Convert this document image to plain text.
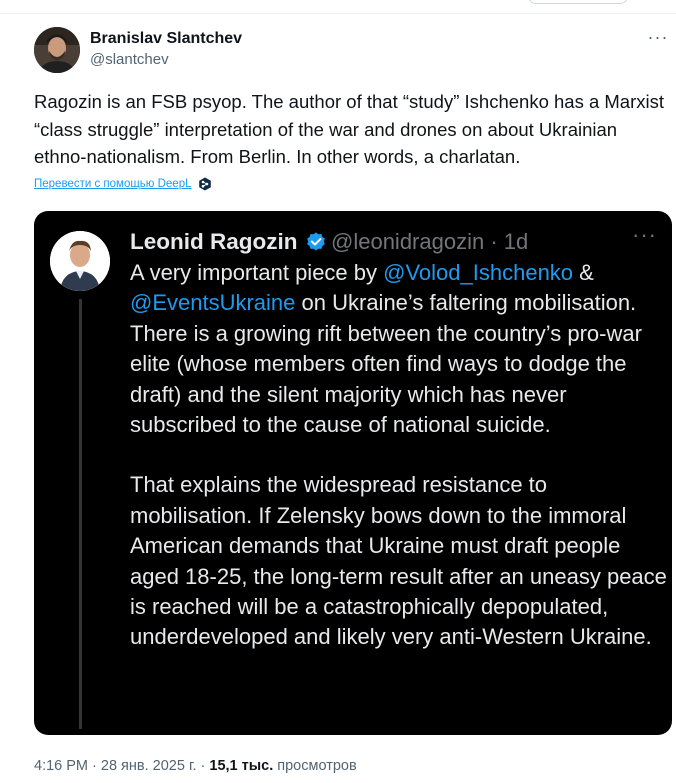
Branislav Slantchev
@slantchev
···
Ragozin is an FSB psyop. The author of that “study” Ishchenko has a Marxist “class struggle” interpretation of the war and drones on about Ukrainian ethno-nationalism. From Berlin. In other words, a charlatan.
Перевести с помощью DeepL
Leonid Ragozin @leonidragozin · 1d	···

A very important piece by @Volod_Ishchenko &
@EventsUkraine on Ukraine’s faltering mobilisation. There is a growing rift between the country’s pro-war elite (whose members often find ways to dodge the draft) and the silent majority which has never subscribed to the cause of national suicide.

That explains the widespread resistance to mobilisation. If Zelensky bows down to the immoral American demands that Ukraine must draft people aged 18-25, the long-term result after an uneasy peace is reached will be a catastrophically depopulated, underdeveloped and likely very anti-Western Ukraine.

4:16 PM · 28 янв. 2025 г. · 15,1 тыс. просмотров
